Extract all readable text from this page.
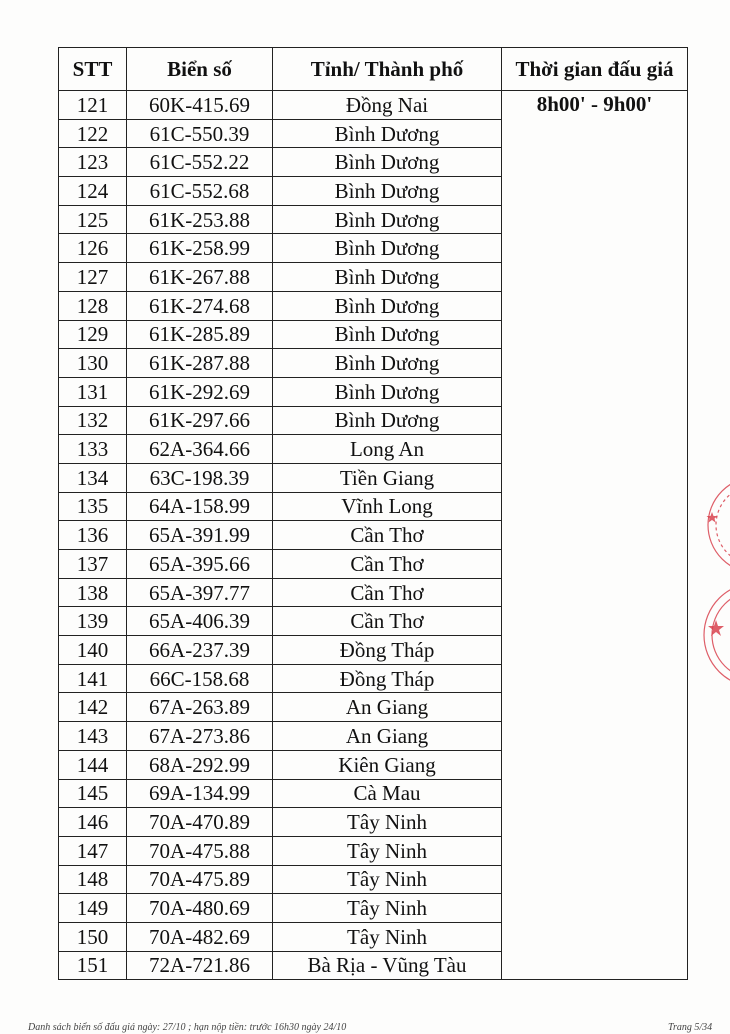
STT	Biển số	Tỉnh/ Thành phố	Thời gian đấu giá
121	60K-415.69	Đồng Nai	8h00' - 9h00'
122	61C-550.39	Bình Dương	
123	61C-552.22	Bình Dương	
124	61C-552.68	Bình Dương	
125	61K-253.88	Bình Dương	
126	61K-258.99	Bình Dương	
127	61K-267.88	Bình Dương	
128	61K-274.68	Bình Dương	
129	61K-285.89	Bình Dương	
130	61K-287.88	Bình Dương	
131	61K-292.69	Bình Dương	
132	61K-297.66	Bình Dương	
133	62A-364.66	Long An	
134	63C-198.39	Tiền Giang	
135	64A-158.99	Vĩnh Long	
136	65A-391.99	Cần Thơ	
137	65A-395.66	Cần Thơ	
138	65A-397.77	Cần Thơ	
139	65A-406.39	Cần Thơ	
140	66A-237.39	Đồng Tháp	
141	66C-158.68	Đồng Tháp	
142	67A-263.89	An Giang	
143	67A-273.86	An Giang	
144	68A-292.99	Kiên Giang	
145	69A-134.99	Cà Mau	
146	70A-470.89	Tây Ninh	
147	70A-475.88	Tây Ninh	
148	70A-475.89	Tây Ninh	
149	70A-480.69	Tây Ninh	
150	70A-482.69	Tây Ninh	
151	72A-721.86	Bà Rịa - Vũng Tàu	
Danh sách biển số đấu giá ngày: 27/10 ; hạn nộp tiền: trước 16h30 ngày 24/10	Trang 5/34
